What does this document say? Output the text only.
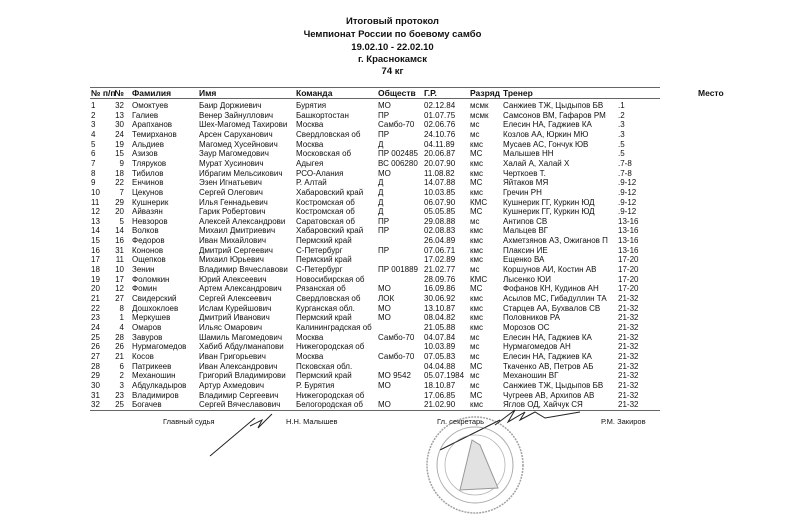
Итоговый протокол
Чемпионат России по боевому самбо
19.02.10 - 22.02.10
г. Краснокамск
74 кг
№ п/п № Фамилия	Имя	Команда	Обществ Г.Р.	Разряд Тренер	Место
1	32 Омоктуев	Баир Доржиевич	Бурятия	МО	02.12.84	мсмк	Санжиев ТЖ, Цыдыпов БВ	.1
2	13 Галиев	Венер Зайнуллович	Башкортостан	ПР	01.07.75	мсмк	Самсонов ВМ, Гафаров РМ	.2
3	30 Арапханов	Шех-Магомед Тахирови	Москва	Самбо-70	02.06.76	мс	Елесин НА, Гаджиев КА	.3
4	24 Темирханов	Арсен Саруханович	Свердловская об	ПР	24.10.76	мс	Козлов АА, Юркин МЮ	.3
5	19 Альдиев	Магомед Хусейнович	Москва	Д	04.11.89	кмс	Мусаев АС, Гончук ЮВ	.5
6	15 Азизов	Заур Магомедович	Московская об	ПР 002485 20.06.87	МС	Малышев НН	.5
7	9 Тляруков	Мурат Хусинович	Адыгея	ВС 006280 20.07.90	кмс	Халай А, Халай Х	.7-8
8	18 Тибилов	Ибрагим Мельсикович	РСО-Алания	МО	11.08.82	кмс	Черткоев Т.	.7-8
9	22 Енчинов	Эзен Игнатьевич	Р. Алтай	Д	14.07.88	МС	Яйтаков МЯ	.9-12
10	7 Цекунов	Сергей Олегович	Хабаровский край	Д	10.03.85	кмс	Гречин РН	.9-12
11	29 Кушнерик	Илья Геннадьевич	Костромская об	Д	06.07.90	КМС	Кушнерик ГГ, Куркин ЮД	.9-12
12	20 Айвазян	Гарик Робертович	Костромская об	Д	05.05.85	МС	Кушнерик ГГ, Куркин ЮД	.9-12
13	5 Невзоров	Алексей Александрови	Саратовская об	ПР	29.08.88	мс	Антипов СВ	13-16
14	14 Волков	Михаил Дмитриевич	Хабаровский край	ПР	02.08.83	кмс	Мальцев ВГ	13-16
15	16 Федоров	Иван Михайлович	Пермский край	26.04.89	кмс	Ахметзянов АЗ, Ожиганов П	13-16
16	31 Кононов	Дмитрий Сергеевич	С-Петербург	ПР	07.06.71	кмс	Плаксин ИЕ	13-16
17	11 Ощепков	Михаил Юрьевич	Пермский край	17.02.89	кмс	Ещенко ВА	17-20
18	10 Зенин	Владимир Вячеславови	С-Петербург	ПР 001889 21.02.77	мс	Коршунов АИ, Костин АВ	17-20
19	17 Фоломкин	Юрий Алексеевич	Новосибирская об	28.09.76	КМС	Лысенко ЮИ	17-20
20	12 Фомин	Артем Александрович	Рязанская об	МО	16.09.86	МС	Фофанов КН, Кудинов АН	17-20
21	27 Свидерский	Сергей Алексеевич	Свердловская об	ЛОК	30.06.92	кмс	Асылов МС, Гибадуллин ТА	21-32
22	8 Дошхоклоев	Ислам Курейшович	Курганская обл.	МО	13.10.87	кмс	Старцев АА, Бухвалов СВ	21-32
23	1 Меркушев	Дмитрий Иванович	Пермский край	МО	08.04.82	кмс	Половников РА	21-32
24	4 Омаров	Ильяс Омарович	Калининградская об	21.05.88	кмс	Морозов ОС	21-32
25	28 Завуров	Шамиль Магомедович	Москва	Самбо-70	04.07.84	мс	Елесин НА, Гаджиев КА	21-32
26	26 Нурмагомедов	Хабиб Абдулманапови	Нижегородская об	10.03.89	мс	Нурмагомедов АН	21-32
27	21 Косов	Иван Григорьевич	Москва	Самбо-70	07.05.83	мс	Елесин НА, Гаджиев КА	21-32
28	6 Патрикеев	Иван Александрович	Псковская обл.	04.04.88	МС	Ткаченко АВ, Петров АБ	21-32
29	2 Механошин	Григорий Владимирови	Пермский край	МО 9542	05.07.1984 мс	Механошин ВГ	21-32
30	3 Абдулкадыров	Артур Ахмедович	Р. Бурятия	МО	18.10.87	мс	Санжиев ТЖ, Цыдыпов БВ	21-32
31	23 Владимиров	Владимир Сергеевич	Нижегородская об	17.06.85	МС	Чугреев АВ, Архипов АВ	21-32
32	25 Богачев	Сергей Вячеславович	Белогородская об	МО	21.02.90	кмс	Яглов ОД, Хайчук СЯ	21-32
Главный судья	Н.Н. Малышев	Гл. секретарь	Р.М. Закиров
